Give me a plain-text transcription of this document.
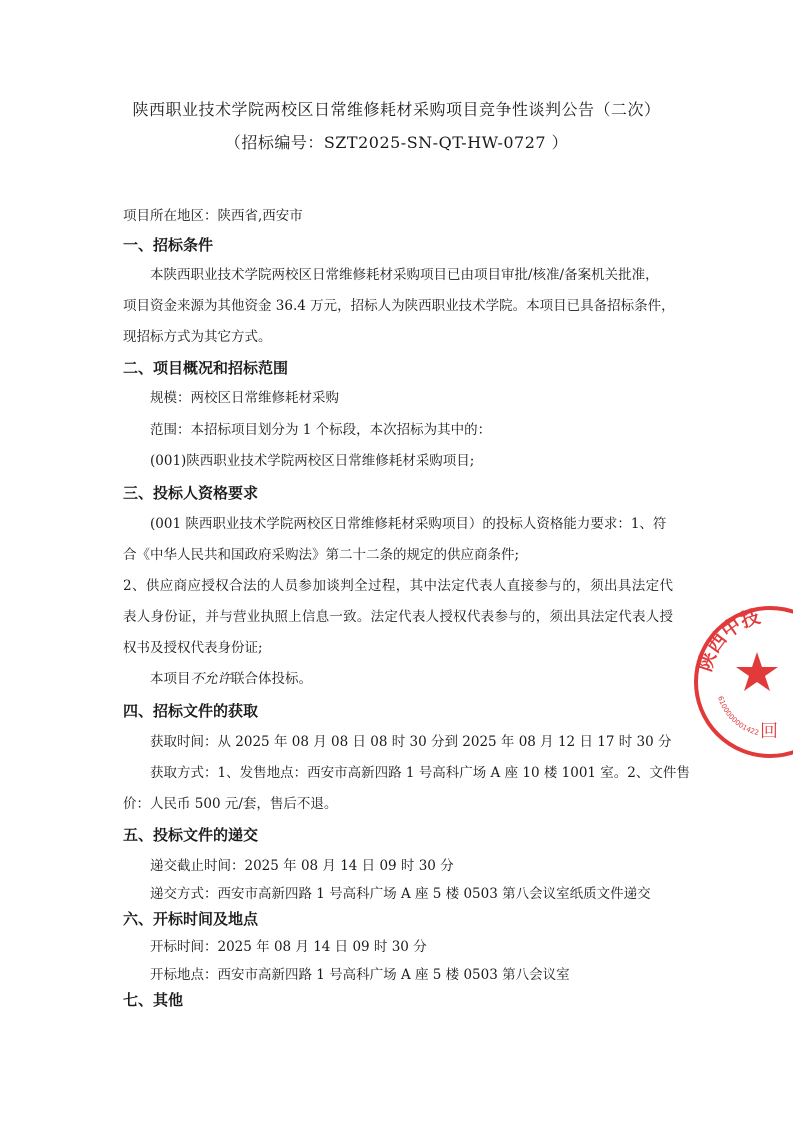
陕西职业技术学院两校区日常维修耗材采购项目竞争性谈判公告（二次）
（招标编号：SZT2025-SN-QT-HW-0727 ）
项目所在地区：陕西省,西安市
一、招标条件
本陕西职业技术学院两校区日常维修耗材采购项目已由项目审批/核准/备案机关批准，
项目资金来源为其他资金 36.4 万元，招标人为陕西职业技术学院。本项目已具备招标条件，
现招标方式为其它方式。
二、项目概况和招标范围
规模：两校区日常维修耗材采购
范围：本招标项目划分为 1 个标段，本次招标为其中的：
(001)陕西职业技术学院两校区日常维修耗材采购项目;
三、投标人资格要求
(001 陕西职业技术学院两校区日常维修耗材采购项目）的投标人资格能力要求：1、符
合《中华人民共和国政府采购法》第二十二条的规定的供应商条件;
2、供应商应授权合法的人员参加谈判全过程，其中法定代表人直接参与的，须出具法定代
表人身份证，并与营业执照上信息一致。法定代表人授权代表参与的，须出具法定代表人授
权书及授权代表身份证;
本项目不允许联合体投标。
四、招标文件的获取
获取时间：从 2025 年 08 月 08 日 08 时 30 分到 2025 年 08 月 12 日 17 时 30 分
获取方式：1、发售地点：西安市高新四路 1 号高科广场 A 座 10 楼 1001 室。2、文件售
价：人民币 500 元/套，售后不退。
五、投标文件的递交
递交截止时间：2025 年 08 月 14 日 09 时 30 分
递交方式：西安市高新四路 1 号高科广场 A 座 5 楼 0503 第八会议室纸质文件递交
六、开标时间及地点
开标时间：2025 年 08 月 14 日 09 时 30 分
开标地点：西安市高新四路 1 号高科广场 A 座 5 楼 0503 第八会议室
七、其他
陕西中技
6100000001422 回
